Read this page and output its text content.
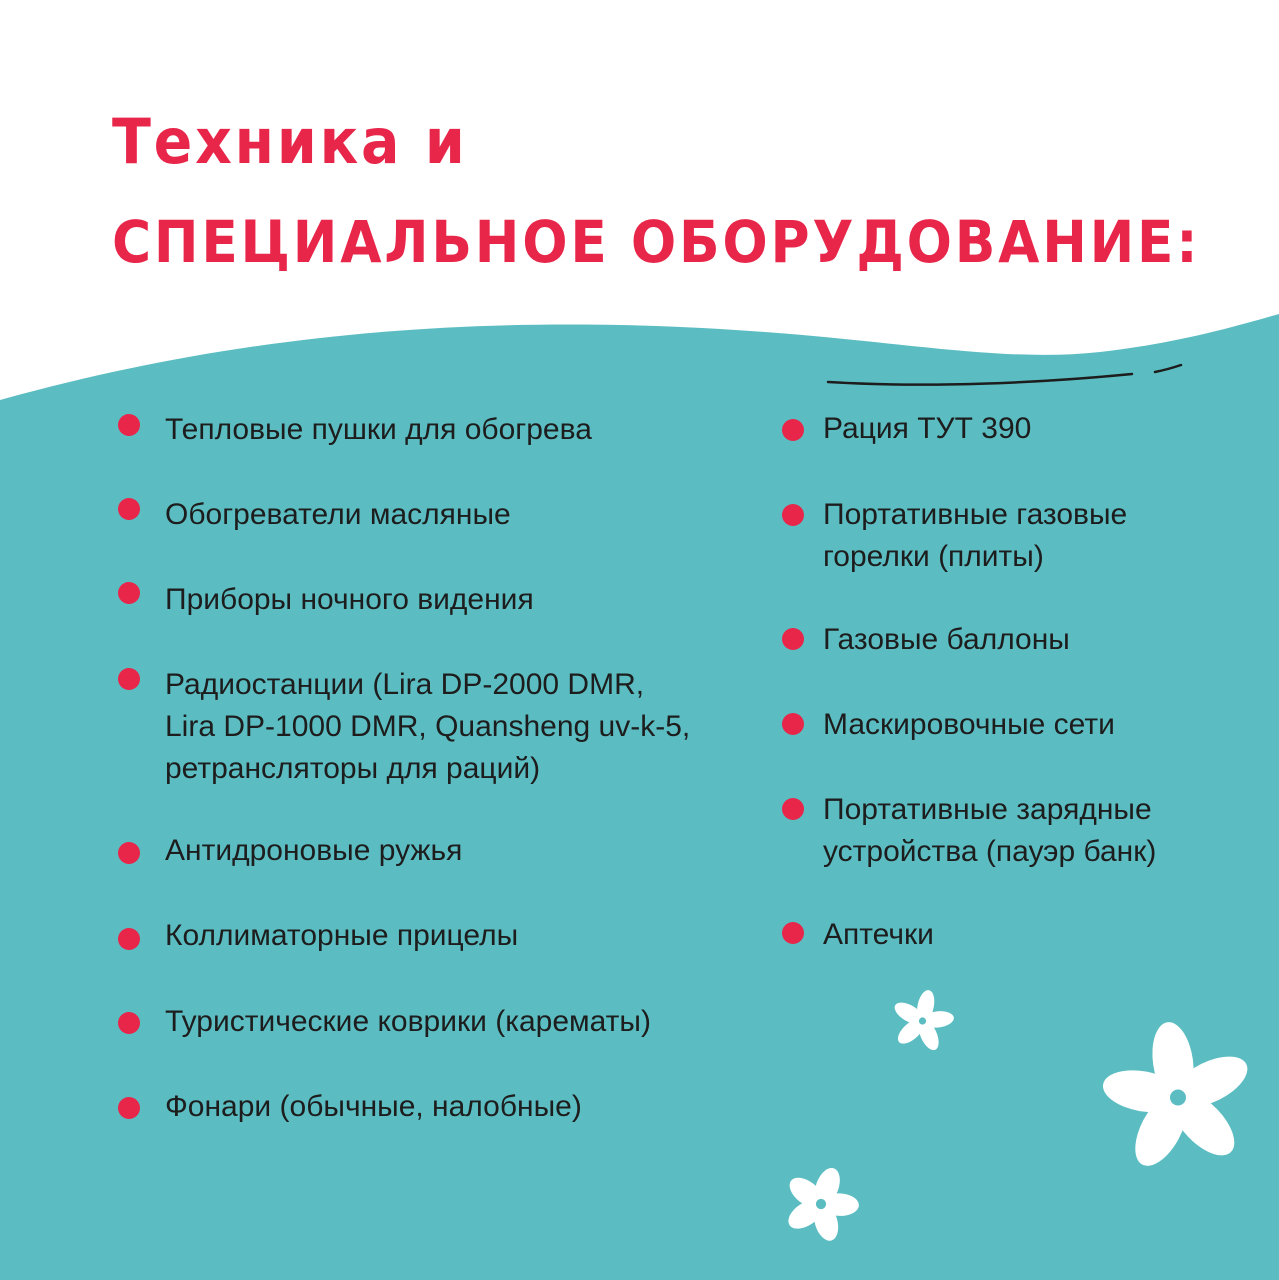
Техника и
СПЕЦИАЛЬНОЕ ОБОРУДОВАНИЕ:
Тепловые пушки для обогрева
Обогреватели масляные
Приборы ночного видения
Радиостанции (Lira DP-2000 DMR,
Lira DP-1000 DMR, Quansheng uv-k-5,
ретрансляторы для раций)
Антидроновые ружья
Коллиматорные прицелы
Туристические коврики (карематы)
Фонари (обычные, налобные)
Рация ТУТ 390
Портативные газовые
горелки (плиты)
Газовые баллоны
Маскировочные сети
Портативные зарядные
устройства (пауэр банк)
Аптечки
